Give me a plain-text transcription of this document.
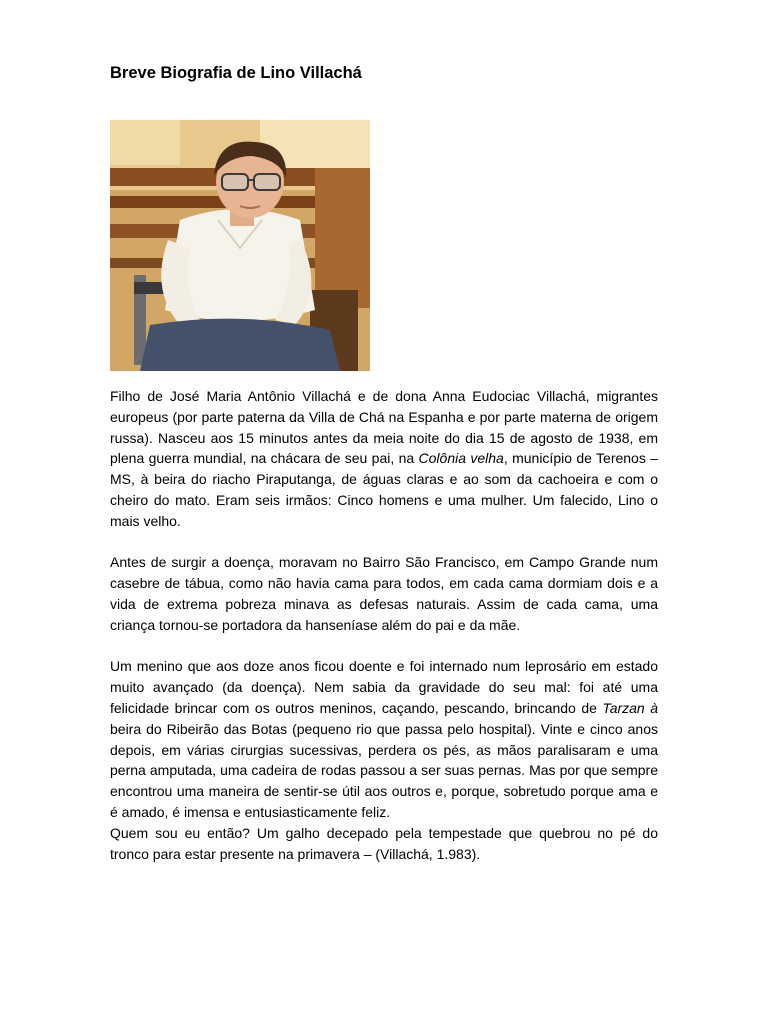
Breve Biografia de Lino Villachá

Filho de José Maria Antônio Villachá e de dona Anna Eudociac Villachá, migrantes europeus (por parte paterna da Villa de Chá na Espanha e por parte materna de origem russa). Nasceu aos 15 minutos antes da meia noite do dia 15 de agosto de 1938, em plena guerra mundial, na chácara de seu pai, na Colônia velha, município de Terenos – MS, à beira do riacho Piraputanga, de águas claras e ao som da cachoeira e com o cheiro do mato. Eram seis irmãos: Cinco homens e uma mulher. Um falecido, Lino o mais velho.

Antes de surgir a doença, moravam no Bairro São Francisco, em Campo Grande num casebre de tábua, como não havia cama para todos, em cada cama dormiam dois e a vida de extrema pobreza minava as defesas naturais. Assim de cada cama, uma criança tornou-se portadora da hanseníase além do pai e da mãe.

Um menino que aos doze anos ficou doente e foi internado num leprosário em estado muito avançado (da doença). Nem sabia da gravidade do seu mal: foi até uma felicidade brincar com os outros meninos, caçando, pescando, brincando de Tarzan à beira do Ribeirão das Botas (pequeno rio que passa pelo hospital). Vinte e cinco anos depois, em várias cirurgias sucessivas, perdera os pés, as mãos paralisaram e uma perna amputada, uma cadeira de rodas passou a ser suas pernas. Mas por que sempre encontrou uma maneira de sentir-se útil aos outros e, porque, sobretudo porque ama e é amado, é imensa e entusiasticamente feliz.

Quem sou eu então? Um galho decepado pela tempestade que quebrou no pé do tronco para estar presente na primavera – (Villachá, 1.983).
